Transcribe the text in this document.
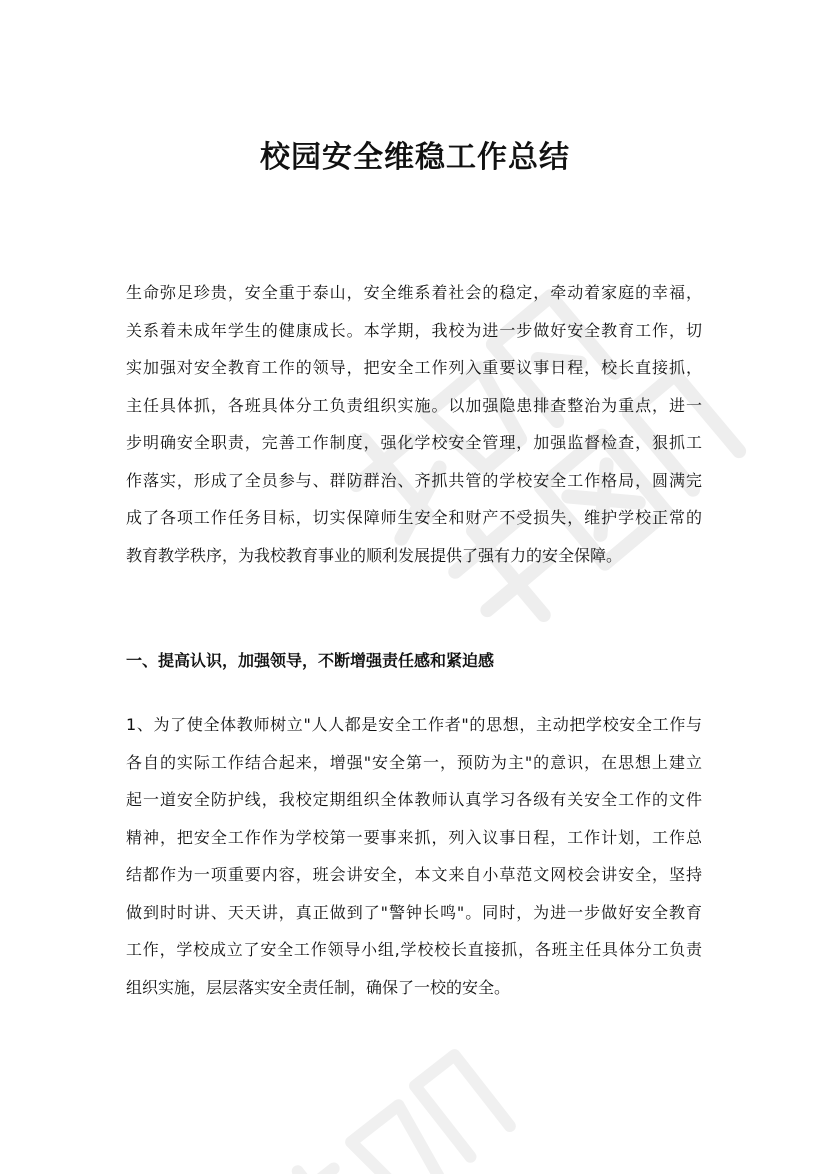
校园安全维稳工作总结
生命弥足珍贵，安全重于泰山，安全维系着社会的稳定，牵动着家庭的幸福，
关系着未成年学生的健康成长。本学期，我校为进一步做好安全教育工作，切
实加强对安全教育工作的领导，把安全工作列入重要议事日程，校长直接抓，
主任具体抓，各班具体分工负责组织实施。以加强隐患排查整治为重点，进一
步明确安全职责，完善工作制度，强化学校安全管理，加强监督检查，狠抓工
作落实，形成了全员参与、群防群治、齐抓共管的学校安全工作格局，圆满完
成了各项工作任务目标，切实保障师生安全和财产不受损失，维护学校正常的
教育教学秩序，为我校教育事业的顺利发展提供了强有力的安全保障。
一、提高认识，加强领导，不断增强责任感和紧迫感
1、为了使全体教师树立"人人都是安全工作者"的思想，主动把学校安全工作与
各自的实际工作结合起来，增强"安全第一，预防为主"的意识，在思想上建立
起一道安全防护线，我校定期组织全体教师认真学习各级有关安全工作的文件
精神，把安全工作作为学校第一要事来抓，列入议事日程，工作计划，工作总
结都作为一项重要内容，班会讲安全，本文来自小草范文网校会讲安全，坚持
做到时时讲、天天讲，真正做到了"警钟长鸣"。同时，为进一步做好安全教育
工作，学校成立了安全工作领导小组,学校校长直接抓，各班主任具体分工负责
组织实施，层层落实安全责任制，确保了一校的安全。
